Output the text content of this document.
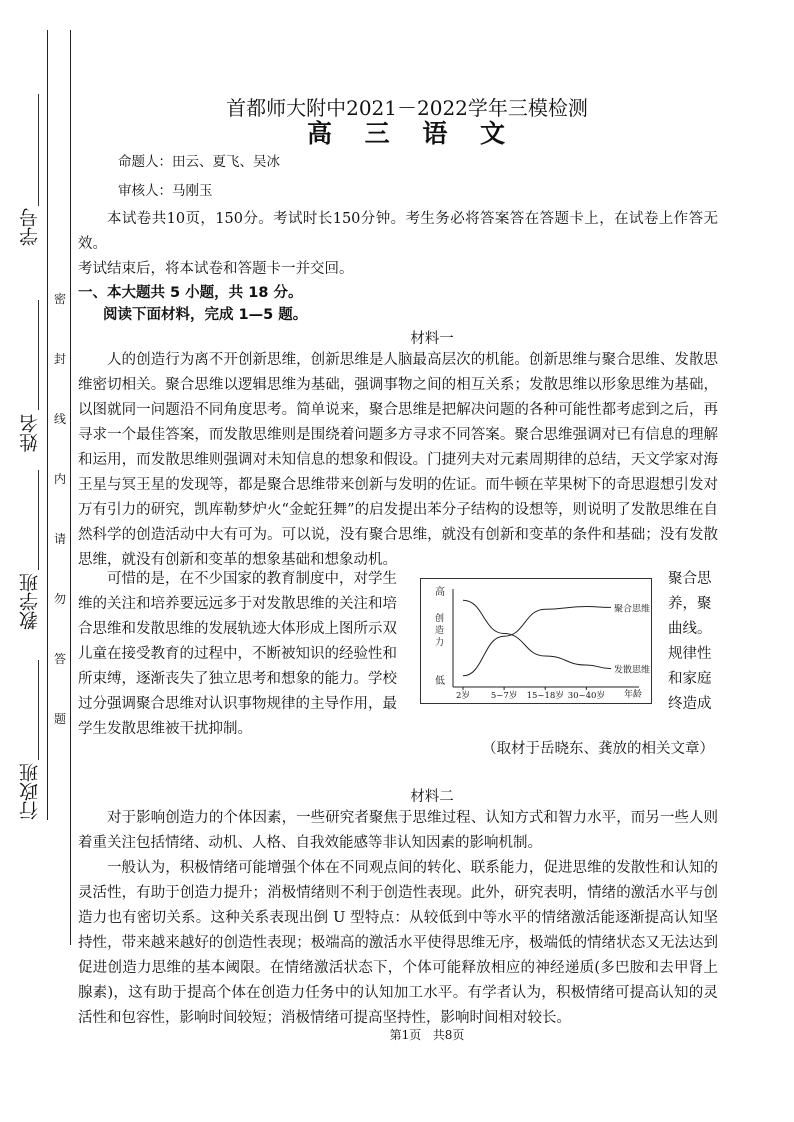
学号
姓名
教学班
行政班
密
封
线
内
请
勿
答
题
首都师大附中2021－2022学年三模检测
高 三 语 文
命题人：田云、夏飞、吴冰
审核人：马刚玉
本试卷共10页，150分。考试时长150分钟。考生务必将答案答在答题卡上，在试卷上作答无效。
考试结束后，将本试卷和答题卡一并交回。
一、本大题共 5 小题，共 18 分。
阅读下面材料，完成 1—5 题。
材料一
人的创造行为离不开创新思维，创新思维是人脑最高层次的机能。创新思维与聚合思维、发散思维密切相关。聚合思维以逻辑思维为基础，强调事物之间的相互关系；发散思维以形象思维为基础，以图就同一问题沿不同角度思考。简单说来，聚合思维是把解决问题的各种可能性都考虑到之后，再寻求一个最佳答案，而发散思维则是围绕着问题多方寻求不同答案。聚合思维强调对已有信息的理解和运用，而发散思维则强调对未知信息的想象和假设。门捷列夫对元素周期律的总结，天文学家对海王星与冥王星的发现等，都是聚合思维带来创新与发明的佐证。而牛顿在苹果树下的奇思遐想引发对万有引力的研究，凯库勒梦炉火“金蛇狂舞”的启发提出苯分子结构的设想等，则说明了发散思维在自然科学的创造活动中大有可为。可以说，没有聚合思维，就没有创新和变革的条件和基础；没有发散思维，就没有创新和变革的想象基础和想象动机。
可惜的是，在不少国家的教育制度中，对学生
维的关注和培养要远远多于对发散思维的关注和培
合思维和发散思维的发展轨迹大体形成上图所示双
儿童在接受教育的过程中，不断被知识的经验性和
所束缚，逐渐丧失了独立思考和想象的能力。学校
过分强调聚合思维对认识事物规律的主导作用，最
学生发散思维被干扰抑制。
聚合思
养，聚
曲线。
规律性
和家庭
终造成
高
低
创造力
聚合思维
发散思维
2岁 5~7岁 15~18岁 30~40岁 年龄
（取材于岳晓东、龚放的相关文章）
材料二
对于影响创造力的个体因素，一些研究者聚焦于思维过程、认知方式和智力水平，而另一些人则着重关注包括情绪、动机、人格、自我效能感等非认知因素的影响机制。
一般认为，积极情绪可能增强个体在不同观点间的转化、联系能力，促进思维的发散性和认知的灵活性，有助于创造力提升；消极情绪则不利于创造性表现。此外，研究表明，情绪的激活水平与创造力也有密切关系。这种关系表现出倒 U 型特点：从较低到中等水平的情绪激活能逐渐提高认知坚持性，带来越来越好的创造性表现；极端高的激活水平使得思维无序，极端低的情绪状态又无法达到促进创造力思维的基本阈限。在情绪激活状态下，个体可能释放相应的神经递质(多巴胺和去甲肾上腺素)，这有助于提高个体在创造力任务中的认知加工水平。有学者认为，积极情绪可提高认知的灵活性和包容性，影响时间较短；消极情绪可提高坚持性，影响时间相对较长。
第1页 共8页
